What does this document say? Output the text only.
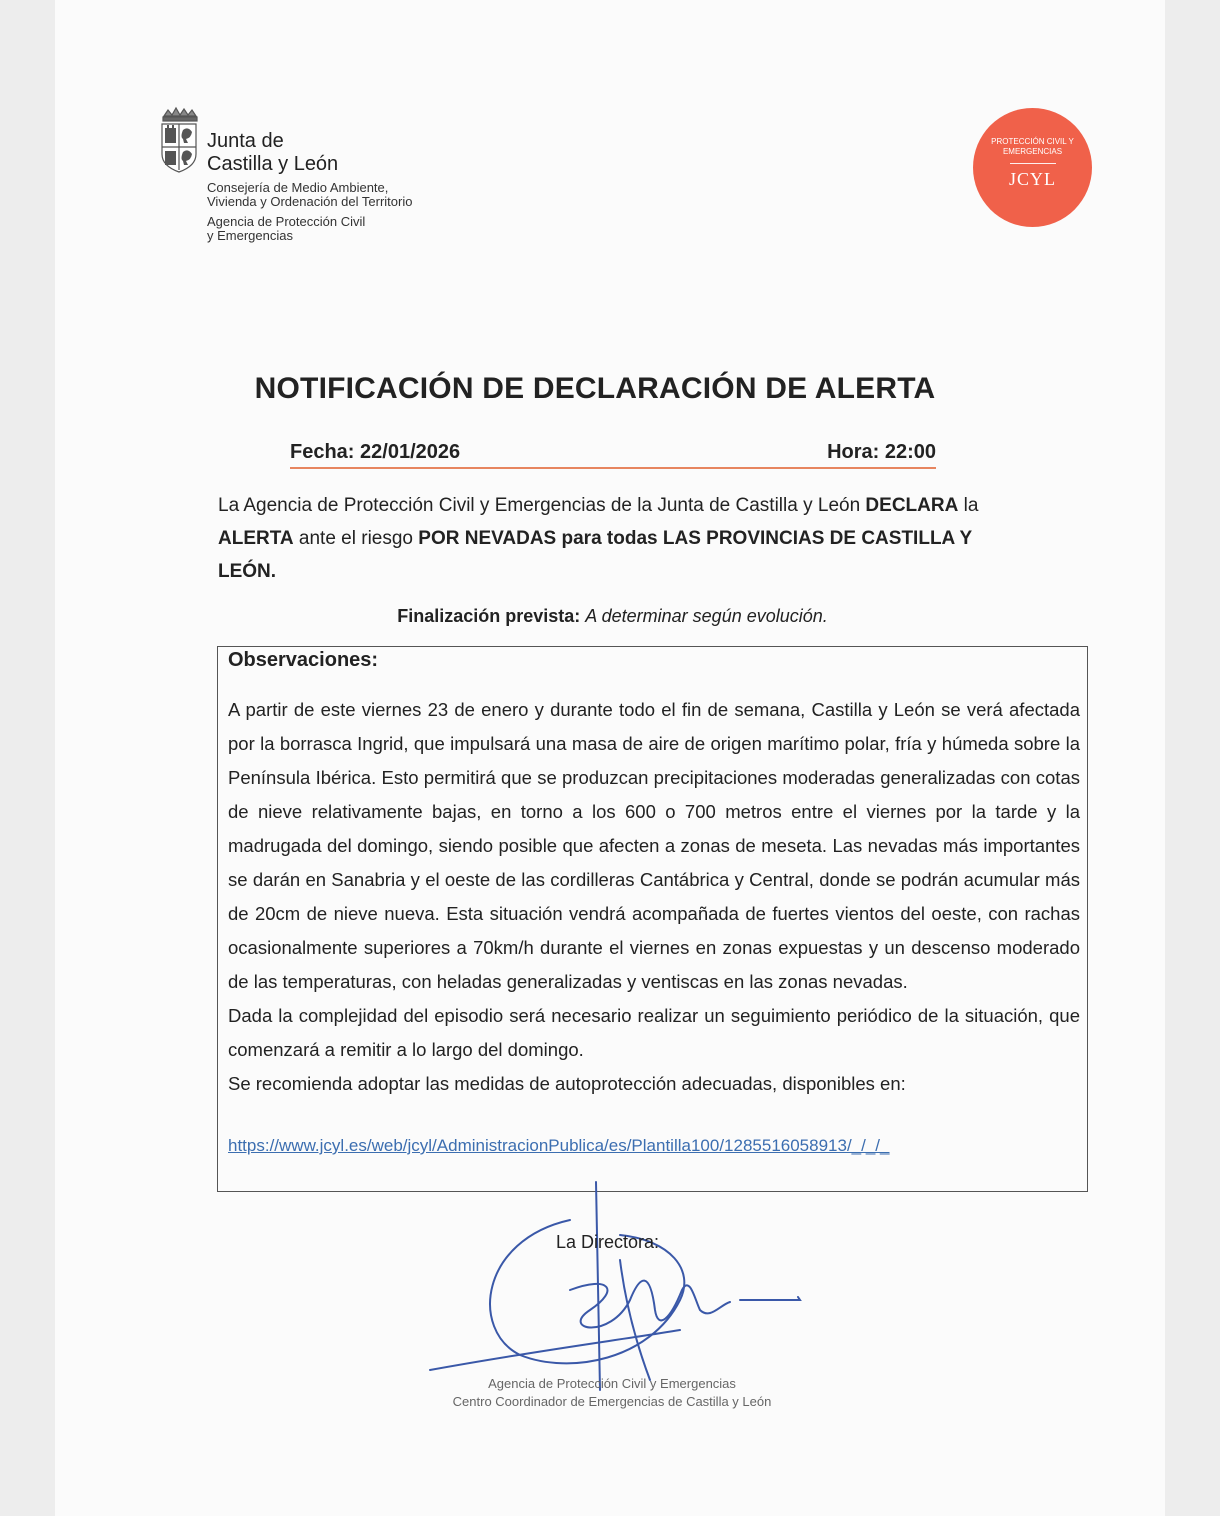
Junta de
Castilla y León
Consejería de Medio Ambiente,
Vivienda y Ordenación del Territorio
Agencia de Protección Civil
y Emergencias
PROTECCIÓN CIVIL Y EMERGENCIAS
JCYL
NOTIFICACIÓN DE DECLARACIÓN DE ALERTA
Fecha: 22/01/2026	Hora: 22:00
La Agencia de Protección Civil y Emergencias de la Junta de Castilla y León DECLARA la ALERTA ante el riesgo POR NEVADAS para todas LAS PROVINCIAS DE CASTILLA Y LEÓN.
Finalización prevista: A determinar según evolución.
Observaciones:

A partir de este viernes 23 de enero y durante todo el fin de semana, Castilla y León se verá afectada por la borrasca Ingrid, que impulsará una masa de aire de origen marítimo polar, fría y húmeda sobre la Península Ibérica. Esto permitirá que se produzcan precipitaciones moderadas generalizadas con cotas de nieve relativamente bajas, en torno a los 600 o 700 metros entre el viernes por la tarde y la madrugada del domingo, siendo posible que afecten a zonas de meseta. Las nevadas más importantes se darán en Sanabria y el oeste de las cordilleras Cantábrica y Central, donde se podrán acumular más de 20cm de nieve nueva. Esta situación vendrá acompañada de fuertes vientos del oeste, con rachas ocasionalmente superiores a 70km/h durante el viernes en zonas expuestas y un descenso moderado de las temperaturas, con heladas generalizadas y ventiscas en las zonas nevadas.

Dada la complejidad del episodio será necesario realizar un seguimiento periódico de la situación, que comenzará a remitir a lo largo del domingo.

Se recomienda adoptar las medidas de autoprotección adecuadas, disponibles en:

https://www.jcyl.es/web/jcyl/AdministracionPublica/es/Plantilla100/1285516058913/_/_/_
La Directora:
Agencia de Protección Civil y Emergencias
Centro Coordinador de Emergencias de Castilla y León
